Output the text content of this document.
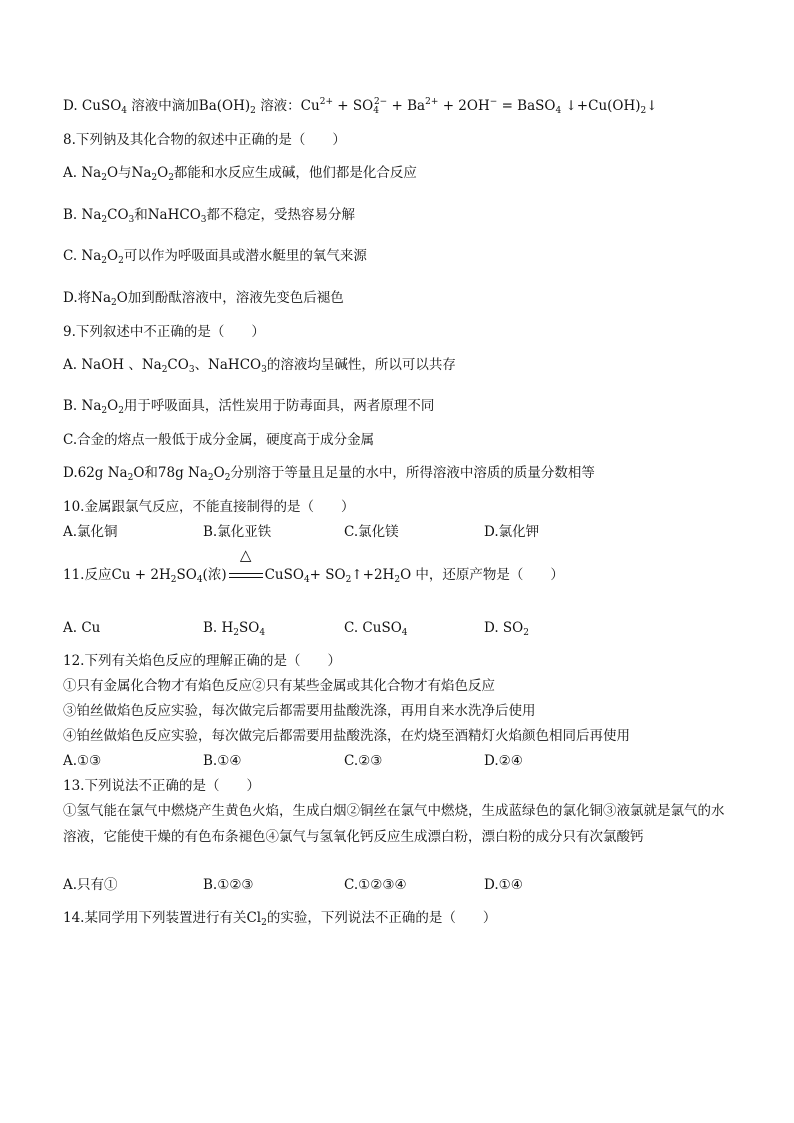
D. CuSO$_4$ 溶液中滴加$Ba(OH)_2$ 溶液：$Cu^{2+} + SO_4^{2-} + Ba^{2+} + 2OH^-$ = BaSO$_4$ $↓+Cu(OH)_2↓$
8.下列钠及其化合物的叙述中正确的是（　　）
A. $Na_2O$与$Na_2O_2$都能和水反应生成碱，他们都是化合反应
B. $Na_2CO_3$和NaHCO$_3$都不稳定，受热容易分解
C. $Na_2O_2$可以作为呼吸面具或潜水艇里的氧气来源
D.将$Na_2O$加到酚酞溶液中，溶液先变色后褪色
9.下列叙述中不正确的是（　　）
A. NaOH 、$Na_2CO_3$、NaHCO$_3$的溶液均呈碱性，所以可以共存
B. $Na_2O_2$用于呼吸面具，活性炭用于防毒面具，两者原理不同
C.合金的熔点一般低于成分金属，硬度高于成分金属
D.62g $Na_2O$和78g $Na_2O_2$分别溶于等量且足量的水中，所得溶液中溶质的质量分数相等
10.金属跟氯气反应，不能直接制得的是（　　）
A.氯化铜	B.氯化亚铁	C.氯化镁	D.氯化钾
11.反应$Cu + 2H_2SO_4$(浓)
△
CuSO$_4$+ $SO_2↑+2H_2O$ 中，还原产物是（　　）
A. Cu	B. $H_2SO_4$	C. CuSO$_4$	D. $SO_2$
12.下列有关焰色反应的理解正确的是（　　）
①只有金属化合物才有焰色反应②只有某些金属或其化合物才有焰色反应
③铂丝做焰色反应实验，每次做完后都需要用盐酸洗涤，再用自来水洗净后使用
④铂丝做焰色反应实验，每次做完后都需要用盐酸洗涤，在灼烧至酒精灯火焰颜色相同后再使用
A.①③	B.①④	C.②③	D.②④
13.下列说法不正确的是（　　）
①氢气能在氯气中燃烧产生黄色火焰，生成白烟②铜丝在氯气中燃烧，生成蓝绿色的氯化铜③液氯就是氯气的水溶液，它能使干燥的有色布条褪色④氯气与氢氧化钙反应生成漂白粉，漂白粉的成分只有次氯酸钙
A.只有①	B.①②③	C.①②③④	D.①④
14.某同学用下列装置进行有关$Cl_2$的实验，下列说法不正确的是（　　）
